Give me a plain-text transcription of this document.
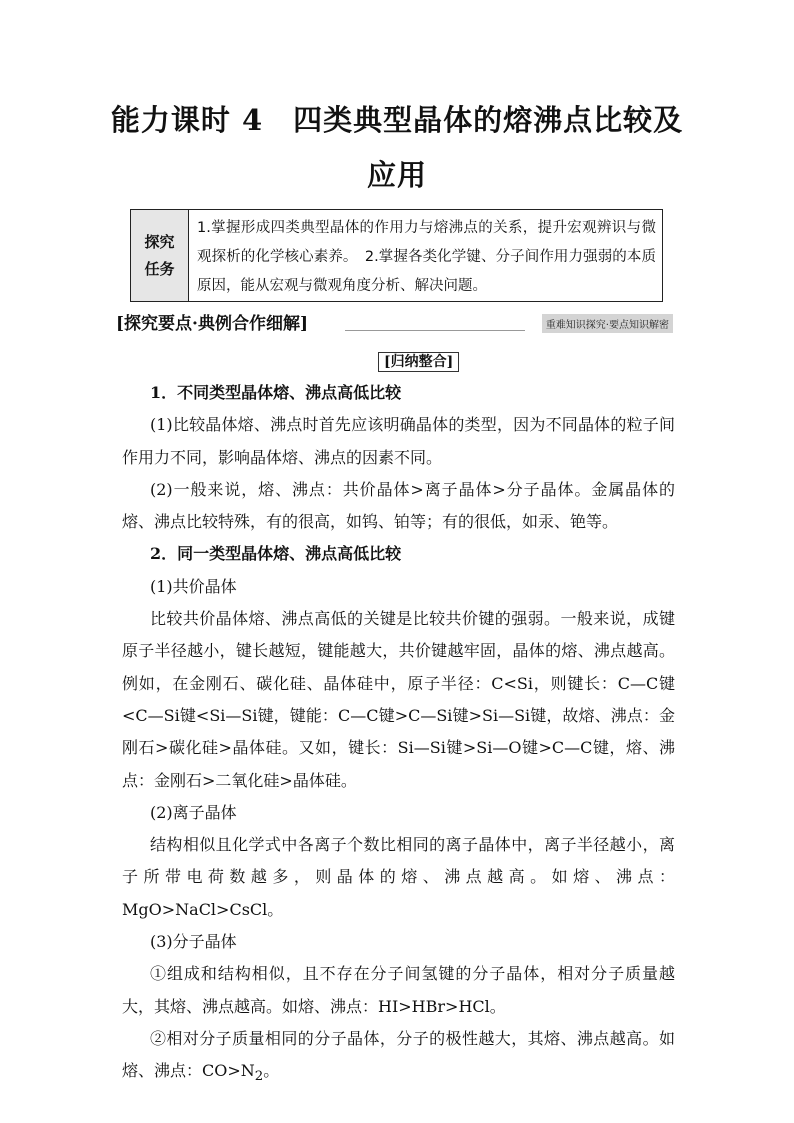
能力课时 4　四类典型晶体的熔沸点比较及
应用
探究
任务
1.掌握形成四类典型晶体的作用力与熔沸点的关系，提升宏观辨识与微观探析的化学核心素养。　2.掌握各类化学键、分子间作用力强弱的本质原因，能从宏观与微观角度分析、解决问题。
[探究要点·典例合作细解]	重难知识探究·要点知识解密
[归纳整合]

1．不同类型晶体熔、沸点高低比较

(1)比较晶体熔、沸点时首先应该明确晶体的类型，因为不同晶体的粒子间作用力不同，影响晶体熔、沸点的因素不同。

(2)一般来说，熔、沸点：共价晶体>离子晶体>分子晶体。金属晶体的熔、沸点比较特殊，有的很高，如钨、铂等；有的很低，如汞、铯等。

2．同一类型晶体熔、沸点高低比较

(1)共价晶体

比较共价晶体熔、沸点高低的关键是比较共价键的强弱。一般来说，成键原子半径越小，键长越短，键能越大，共价键越牢固，晶体的熔、沸点越高。例如，在金刚石、碳化硅、晶体硅中，原子半径：C<Si，则键长：C—C键<C—Si键<Si—Si键，键能：C—C键>C—Si键>Si—Si键，故熔、沸点：金刚石>碳化硅>晶体硅。又如，键长：Si—Si键>Si—O键>C—C键，熔、沸点：金刚石>二氧化硅>晶体硅。

(2)离子晶体

结构相似且化学式中各离子个数比相同的离子晶体中，离子半径越小，离子所带电荷数越多，则晶体的熔、沸点越高。如熔、沸点：MgO>NaCl>CsCl。

(3)分子晶体

①组成和结构相似，且不存在分子间氢键的分子晶体，相对分子质量越大，其熔、沸点越高。如熔、沸点：HI>HBr>HCl。

②相对分子质量相同的分子晶体，分子的极性越大，其熔、沸点越高。如熔、沸点：$CO>N_2$。
